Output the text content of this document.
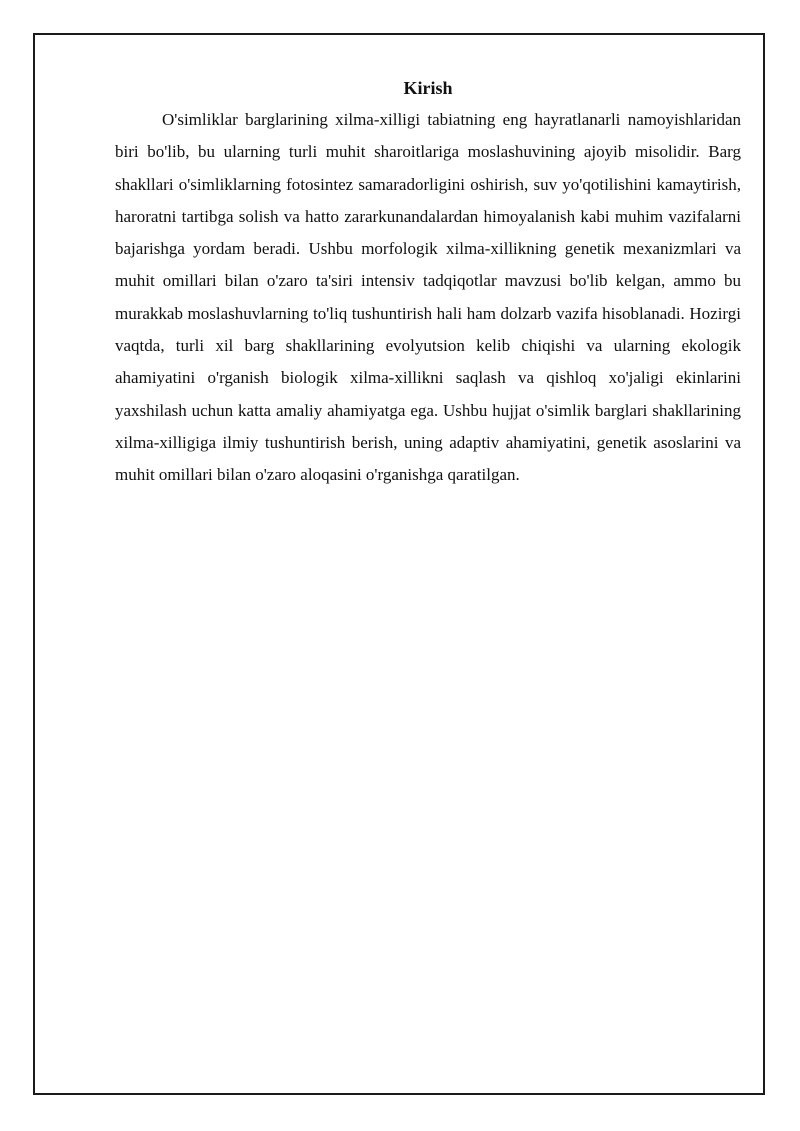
Kirish

O'simliklar barglarining xilma-xilligi tabiatning eng hayratlanarli namoyishlaridan biri bo'lib, bu ularning turli muhit sharoitlariga moslashuvining ajoyib misolidir. Barg shakllari o'simliklarning fotosintez samaradorligini oshirish, suv yo'qotilishini kamaytirish, haroratni tartibga solish va hatto zararkunandalardan himoyalanish kabi muhim vazifalarni bajarishga yordam beradi. Ushbu morfologik xilma-xillikning genetik mexanizmlari va muhit omillari bilan o'zaro ta'siri intensiv tadqiqotlar mavzusi bo'lib kelgan, ammo bu murakkab moslashuvlarning to'liq tushuntirish hali ham dolzarb vazifa hisoblanadi. Hozirgi vaqtda, turli xil barg shakllarining evolyutsion kelib chiqishi va ularning ekologik ahamiyatini o'rganish biologik xilma-xillikni saqlash va qishloq xo'jaligi ekinlarini yaxshilash uchun katta amaliy ahamiyatga ega. Ushbu hujjat o'simlik barglari shakllarining xilma-xilligiga ilmiy tushuntirish berish, uning adaptiv ahamiyatini, genetik asoslarini va muhit omillari bilan o'zaro aloqasini o'rganishga qaratilgan.
